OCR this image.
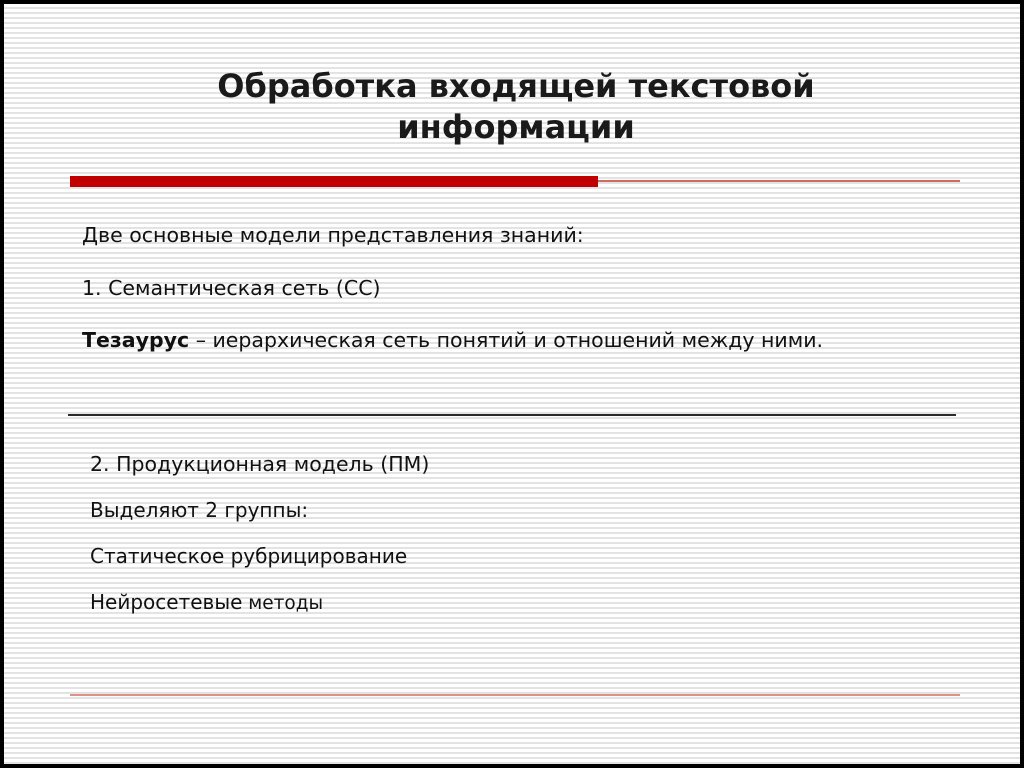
Обработка входящей текстовой
информации

Две основные модели представления знаний:

1. Семантическая сеть (СС)

Тезаурус – иерархическая сеть понятий и отношений между ними.

2. Продукционная модель (ПМ)

Выделяют 2 группы:

Статическое рубрицирование

Нейросетевые методы
